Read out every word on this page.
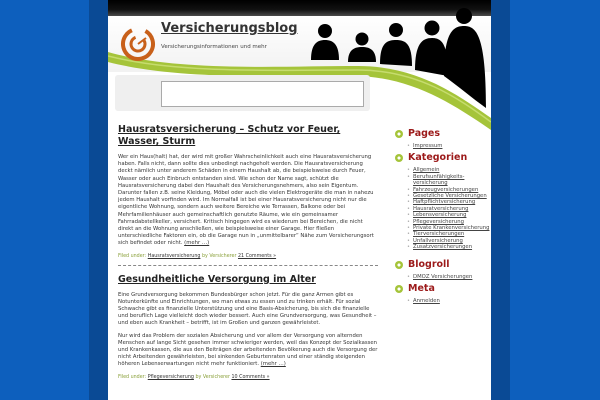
Versicherungsblog
Versicherungsinformationen und mehr
Hausratsversicherung – Schutz vor Feuer, Wasser, Sturm

Wer ein Haus(halt) hat, der wird mit großer Wahrscheinlichkeit auch eine Hausratsversicherung haben. Falls nicht, dann sollte dies unbedingt nachgeholt werden. Die Hausratsversicherung deckt nämlich unter anderem Schäden in einem Haushalt ab, die beispielsweise durch Feuer, Wasser oder auch Einbruch entstanden sind. Wie schon der Name sagt, schützt die Hausratsversicherung dabei den Haushalt des Versicherungsnehmers, also sein Eigentum. Darunter fallen z.B. seine Kleidung, Möbel oder auch die vielen Elektrogeräte die man in nahezu jedem Haushalt vorfinden wird. Im Normalfall ist bei einer Hausratsversicherung nicht nur die eigentliche Wohnung, sondern auch weitere Bereiche wie Terrassen, Balkone oder bei Mehrfamilienhäuser auch gemeinschaftlich genutzte Räume, wie ein gemeinsamer Fahrradabstellkeller, versichert. Kritisch hingegen wird es wiederum bei Bereichen, die nicht direkt an die Wohnung anschließen, wie beispielsweise einer Garage. Hier fließen unterschiedliche Faktoren ein, ob die Garage nun in „unmittelbarer“ Nähe zum Versicherungsort sich befindet oder nicht. (mehr …)

Filed under: Hausratsversicherung by Versicherer 21 Comments »
Gesundheitliche Versorgung im Alter

Eine Grundversorgung bekommen Bundesbürger schon jetzt. Für die ganz Armen gibt es Notunterkünfte und Einrichtungen, wo man etwas zu essen und zu trinken erhält. Für sozial Schwache gibt es finanzielle Unterstützung und eine Basis-Absicherung, bis sich die finanzielle und beruflich Lage vielleicht doch wieder bessert. Auch eine Grundversorgung, was Gesundheit – und eben auch Krankheit – betrifft, ist im Großen und ganzen gewährleistet.

Nur wird das Problem der sozialen Absicherung und vor allem der Versorgung von alternden Menschen auf lange Sicht gesehen immer schwieriger werden, weil das Konzept der Sozialkassen und Krankenkassen, die aus den Beiträgen der arbeitenden Bevölkerung auch die Versorgung der nicht Arbeitenden gewährleisten, bei sinkenden Geburtenraten und einer ständig steigenden höheren Lebenserwartungen nicht mehr funktioniert. (mehr …)

Filed under: Pflegeversicherung by Versicherer 10 Comments »
Pages
• Impressum
Kategorien
• Allgemein
• Berufsunfähigkeits-versicherung
• Fahrzeugversicherungen
• Gesetzliche Versicherungen
• Haftpflichtversicherung
• Hausratversicherung
• Lebensversicherung
• Pflegeversicherung
• Private Krankenversicherung
• Tierversicherungen
• Unfallversicherung
• Zusatzversicherungen
Blogroll
• DMOZ Versicherungen
Meta
• Anmelden
